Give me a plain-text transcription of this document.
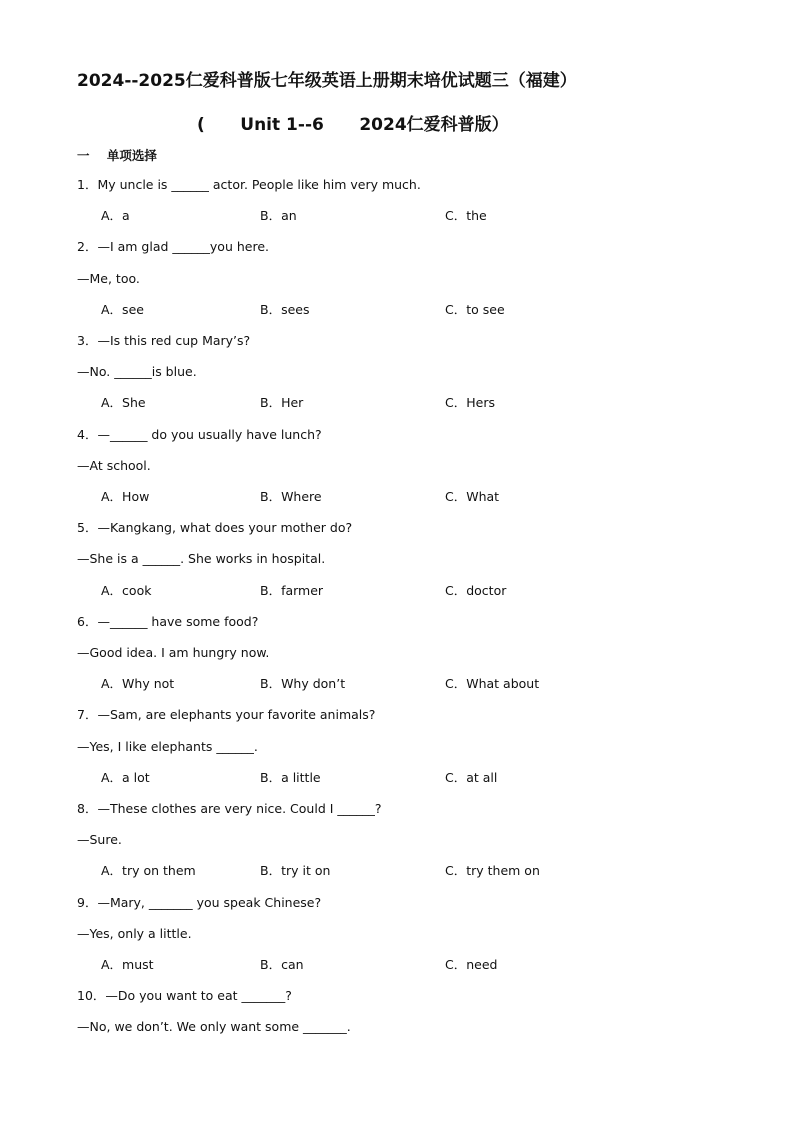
2024--2025仁爱科普版七年级英语上册期末培优试题三（福建）
(      Unit 1--6      2024仁爱科普版）
一    单项选择
1．My uncle is ______ actor. People like him very much.
A．a	B．an	C．the
2．—I am glad ______you here.
—Me, too.
A．see	B．sees	C．to see
3．—Is this red cup Mary’s?
—No. ______is blue.
A．She	B．Her	C．Hers
4．—______ do you usually have lunch?
—At school.
A．How	B．Where	C．What
5．—Kangkang, what does your mother do?
—She is a ______. She works in hospital.
A．cook	B．farmer	C．doctor
6．—______ have some food?
—Good idea. I am hungry now.
A．Why not	B．Why don’t	C．What about
7．—Sam, are elephants your favorite animals?
—Yes, I like elephants ______.
A．a lot	B．a little	C．at all
8．—These clothes are very nice. Could I ______?
—Sure.
A．try on them	B．try it on	C．try them on
9．—Mary, _______ you speak Chinese?
—Yes, only a little.
A．must	B．can	C．need
10．—Do you want to eat _______?
—No, we don’t. We only want some _______.
